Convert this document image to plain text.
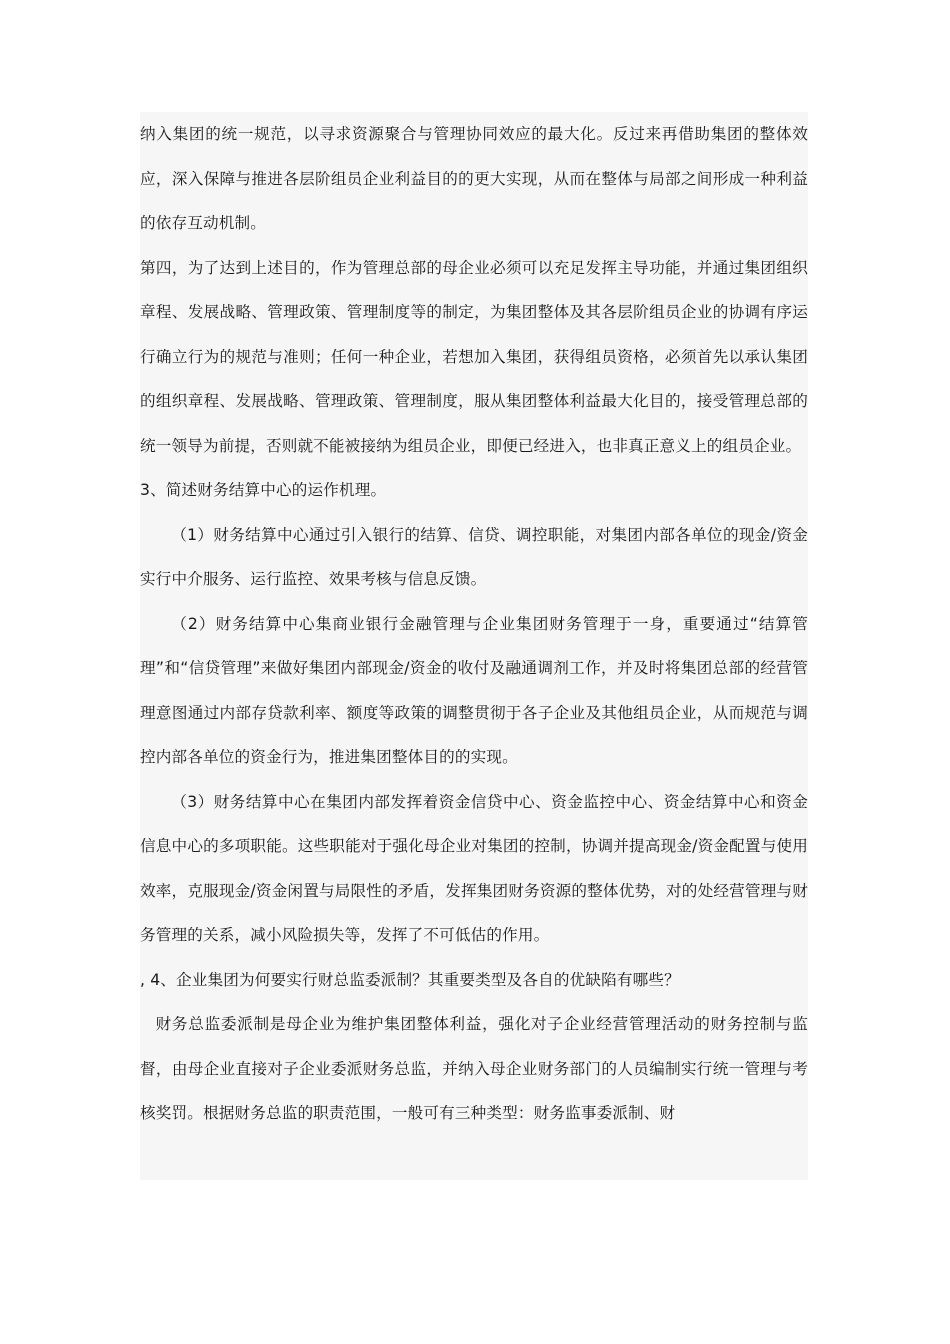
纳入集团的统一规范，以寻求资源聚合与管理协同效应的最大化。反过来再借助集团的整体效应，深入保障与推进各层阶组员企业利益目的的更大实现，从而在整体与局部之间形成一种利益的依存互动机制。

第四，为了达到上述目的，作为管理总部的母企业必须可以充足发挥主导功能，并通过集团组织章程、发展战略、管理政策、管理制度等的制定，为集团整体及其各层阶组员企业的协调有序运行确立行为的规范与准则；任何一种企业，若想加入集团，获得组员资格，必须首先以承认集团的组织章程、发展战略、管理政策、管理制度，服从集团整体利益最大化目的，接受管理总部的统一领导为前提，否则就不能被接纳为组员企业，即便已经进入，也非真正意义上的组员企业。

3、简述财务结算中心的运作机理。

（1）财务结算中心通过引入银行的结算、信贷、调控职能，对集团内部各单位的现金/资金实行中介服务、运行监控、效果考核与信息反馈。

（2）财务结算中心集商业银行金融管理与企业集团财务管理于一身，重要通过“结算管理”和“信贷管理”来做好集团内部现金/资金的收付及融通调剂工作，并及时将集团总部的经营管理意图通过内部存贷款利率、额度等政策的调整贯彻于各子企业及其他组员企业，从而规范与调控内部各单位的资金行为，推进集团整体目的的实现。

（3）财务结算中心在集团内部发挥着资金信贷中心、资金监控中心、资金结算中心和资金信息中心的多项职能。这些职能对于强化母企业对集团的控制，协调并提高现金/资金配置与使用效率，克服现金/资金闲置与局限性的矛盾，发挥集团财务资源的整体优势，对的处经营管理与财务管理的关系，减小风险损失等，发挥了不可低估的作用。

, 4、企业集团为何要实行财总监委派制？其重要类型及各自的优缺陷有哪些？

财务总监委派制是母企业为维护集团整体利益，强化对子企业经营管理活动的财务控制与监督，由母企业直接对子企业委派财务总监，并纳入母企业财务部门的人员编制实行统一管理与考核奖罚。根据财务总监的职责范围，一般可有三种类型：财务监事委派制、财
